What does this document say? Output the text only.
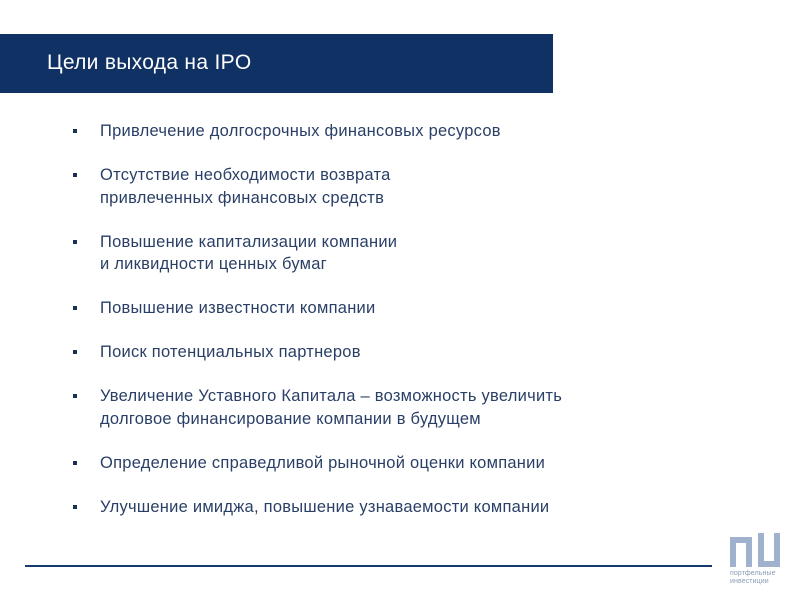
Цели выхода на IPO
Привлечение долгосрочных финансовых ресурсов
Отсутствие необходимости возврата
привлеченных финансовых средств
Повышение капитализации компании
и ликвидности ценных бумаг
Повышение известности компании
Поиск потенциальных партнеров
Увеличение Уставного Капитала – возможность увеличить
долговое финансирование компании в будущем
Определение справедливой рыночной оценки компании
Улучшение имиджа, повышение узнаваемости компании
портфельные
инвестиции
